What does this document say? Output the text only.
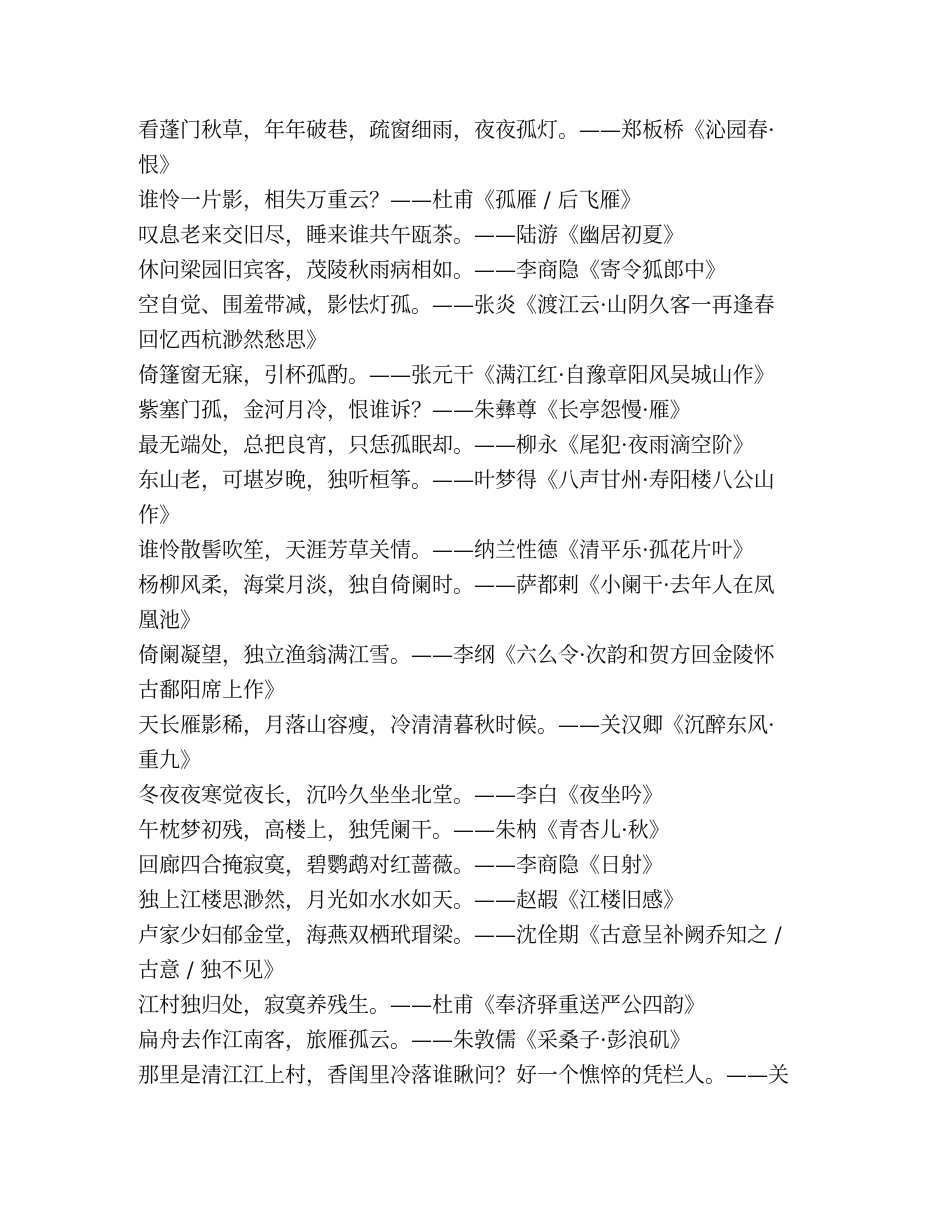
看蓬门秋草，年年破巷，疏窗细雨，夜夜孤灯。——郑板桥《沁园春·
恨》
谁怜一片影，相失万重云？——杜甫《孤雁 / 后飞雁》
叹息老来交旧尽，睡来谁共午瓯茶。——陆游《幽居初夏》
休问梁园旧宾客，茂陵秋雨病相如。——李商隐《寄令狐郎中》
空自觉、围羞带减，影怯灯孤。——张炎《渡江云·山阴久客一再逢春
回忆西杭渺然愁思》
倚篷窗无寐，引杯孤酌。——张元干《满江红·自豫章阳风吴城山作》
紫塞门孤，金河月冷，恨谁诉？——朱彝尊《长亭怨慢·雁》
最无端处，总把良宵，只恁孤眠却。——柳永《尾犯·夜雨滴空阶》
东山老，可堪岁晚，独听桓筝。——叶梦得《八声甘州·寿阳楼八公山
作》
谁怜散髻吹笙，天涯芳草关情。——纳兰性德《清平乐·孤花片叶》
杨柳风柔，海棠月淡，独自倚阑时。——萨都剌《小阑干·去年人在凤
凰池》
倚阑凝望，独立渔翁满江雪。——李纲《六么令·次韵和贺方回金陵怀
古鄱阳席上作》
天长雁影稀，月落山容瘦，冷清清暮秋时候。——关汉卿《沉醉东风·
重九》
冬夜夜寒觉夜长，沉吟久坐坐北堂。——李白《夜坐吟》
午枕梦初残，高楼上，独凭阑干。——朱枘《青杏儿·秋》
回廊四合掩寂寞，碧鹦鹉对红蔷薇。——李商隐《日射》
独上江楼思渺然，月光如水水如天。——赵嘏《江楼旧感》
卢家少妇郁金堂，海燕双栖玳瑁梁。——沈佺期《古意呈补阙乔知之 /
古意 / 独不见》
江村独归处，寂寞养残生。——杜甫《奉济驿重送严公四韵》
扁舟去作江南客，旅雁孤云。——朱敦儒《采桑子·彭浪矶》
那里是清江江上村，香闺里冷落谁瞅问？好一个憔悴的凭栏人。——关
